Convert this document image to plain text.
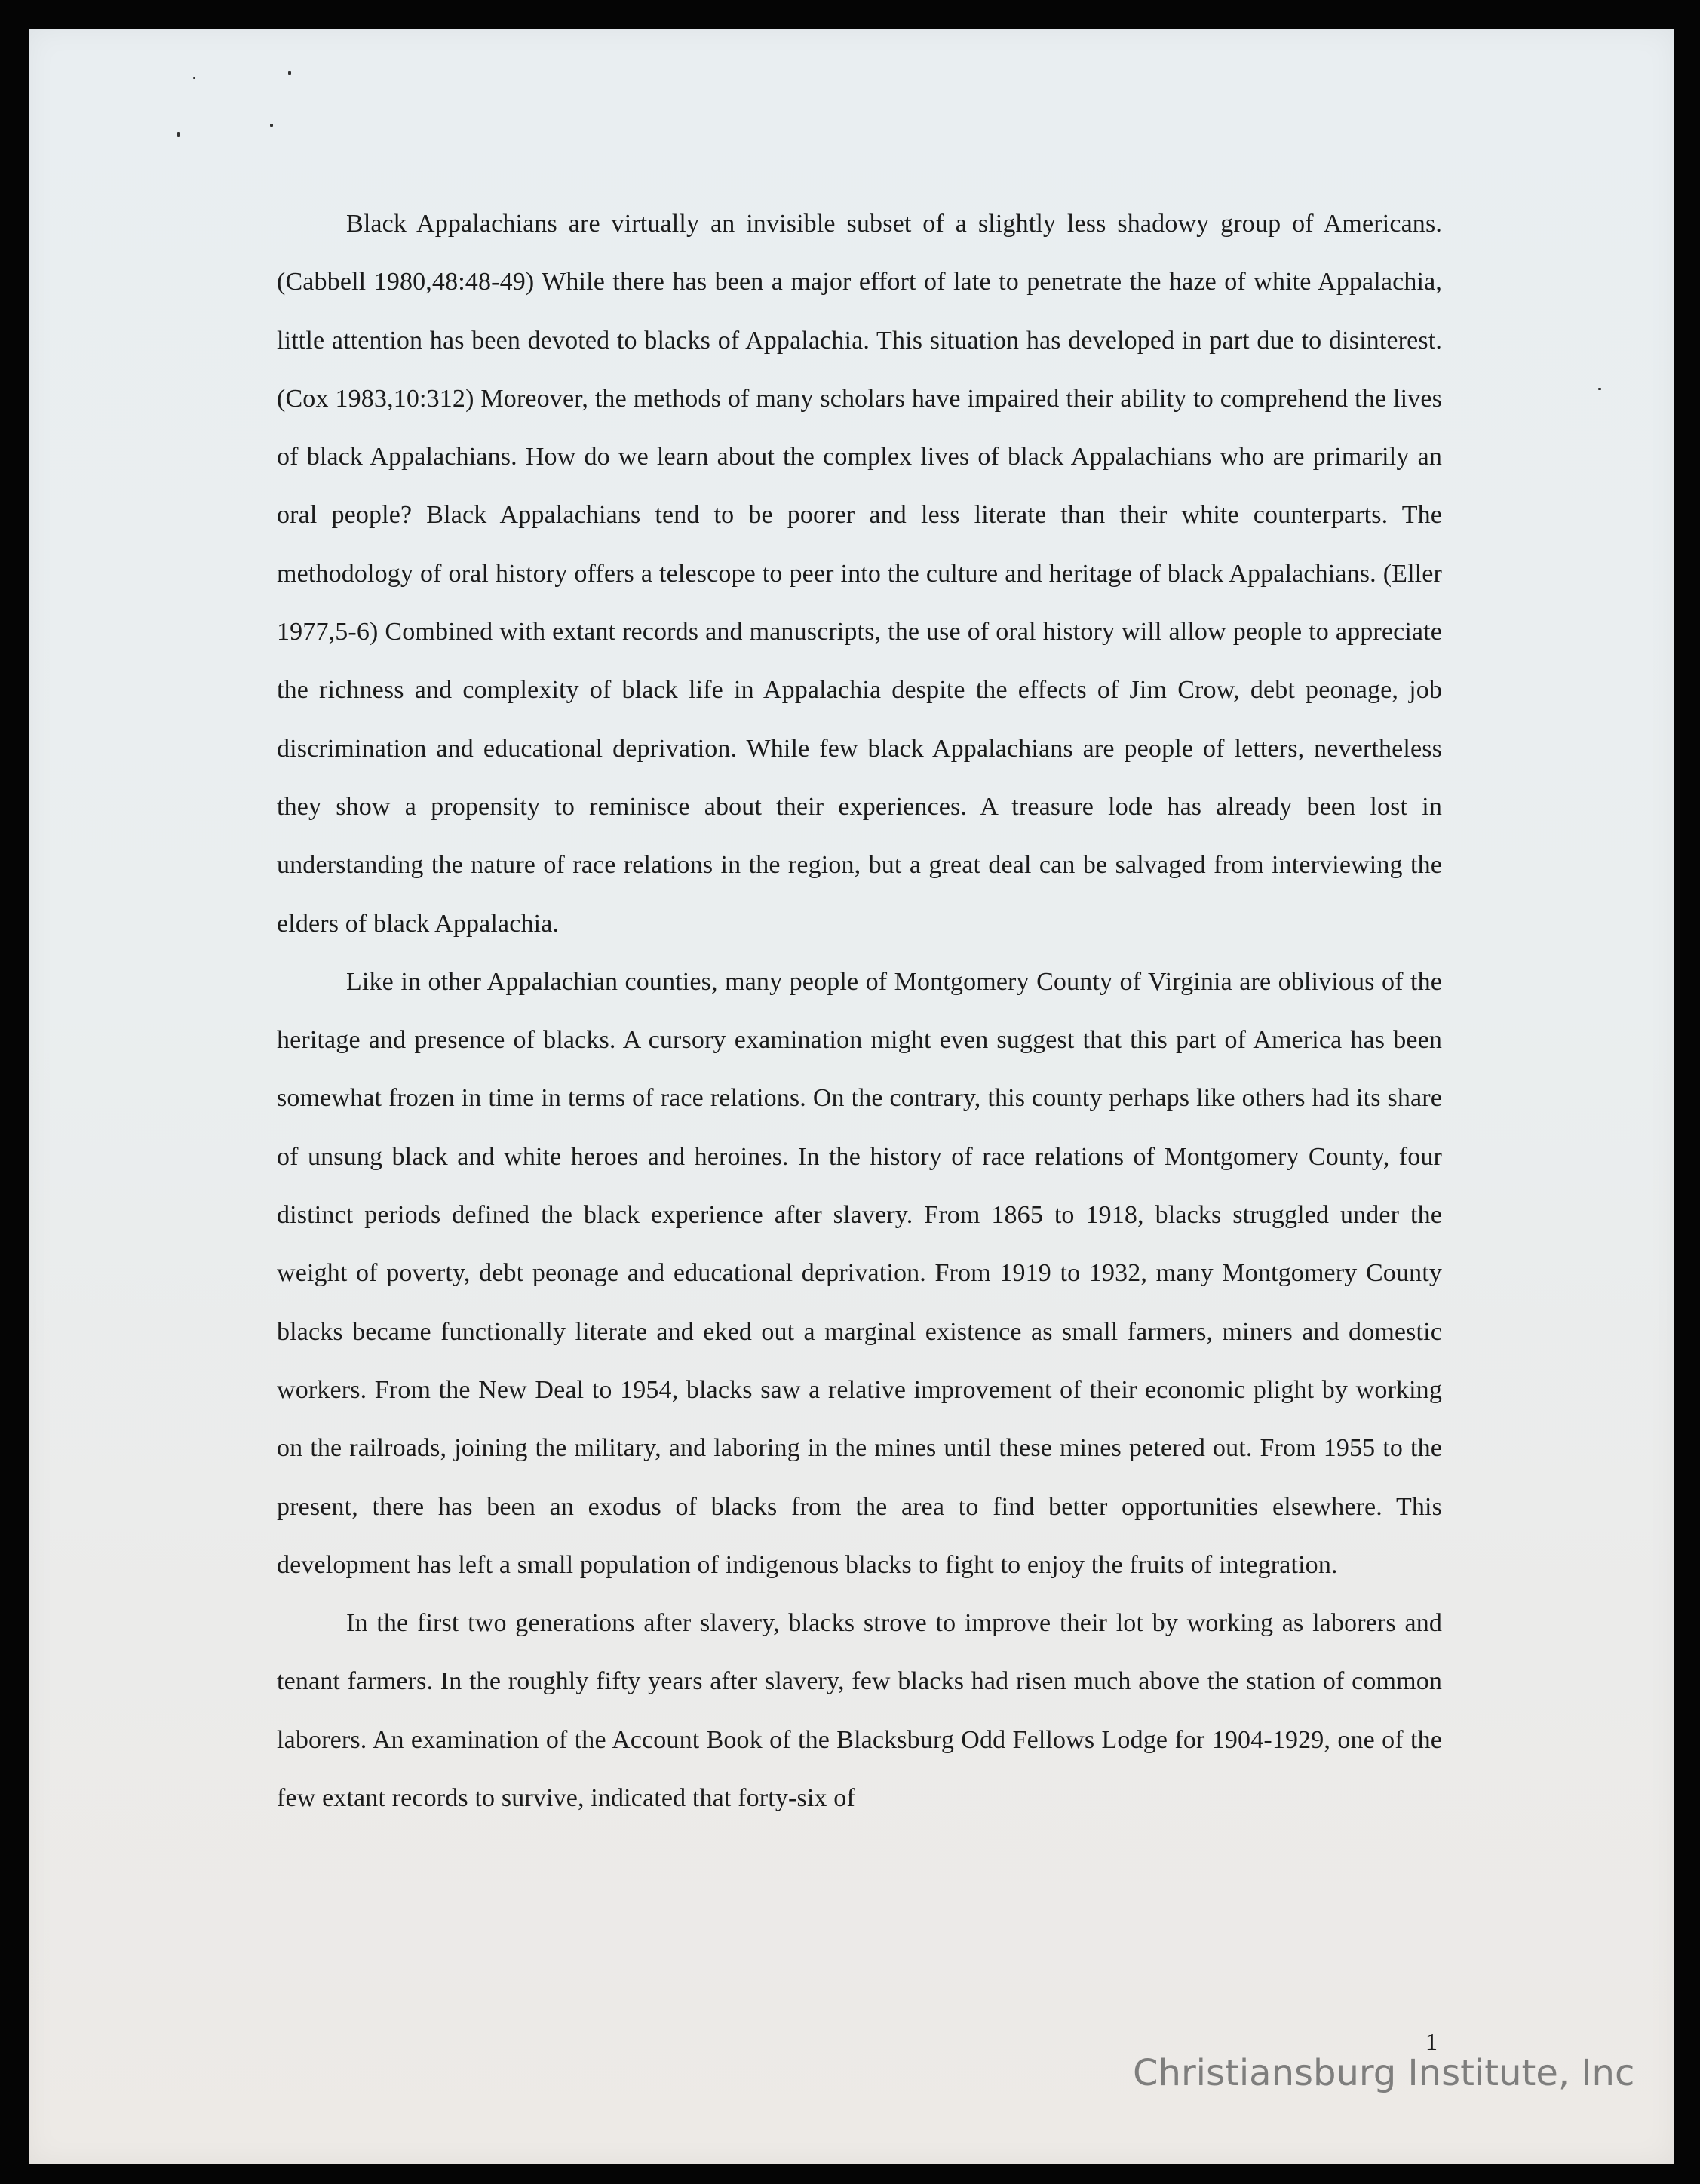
Black Appalachians are virtually an invisible subset of a slightly less shadowy group of Americans. (Cabbell 1980,48:48-49) While there has been a major effort of late to penetrate the haze of white Appalachia, little attention has been devoted to blacks of Appalachia. This situation has developed in part due to disinterest. (Cox 1983,10:312) Moreover, the methods of many scholars have impaired their ability to comprehend the lives of black Appalachians. How do we learn about the complex lives of black Appalachians who are primarily an oral people? Black Appalachians tend to be poorer and less literate than their white counterparts. The methodology of oral history offers a telescope to peer into the culture and heritage of black Appalachians. (Eller 1977,5-6) Combined with extant records and manuscripts, the use of oral history will allow people to appreciate the richness and complexity of black life in Appalachia despite the effects of Jim Crow, debt peonage, job discrimination and educational deprivation. While few black Appalachians are people of letters, nevertheless they show a propensity to reminisce about their experiences. A treasure lode has already been lost in understanding the nature of race relations in the region, but a great deal can be salvaged from interviewing the elders of black Appalachia.

Like in other Appalachian counties, many people of Montgomery County of Virginia are oblivious of the heritage and presence of blacks. A cursory examination might even suggest that this part of America has been somewhat frozen in time in terms of race relations. On the contrary, this county perhaps like others had its share of unsung black and white heroes and heroines. In the history of race relations of Montgomery County, four distinct periods defined the black experience after slavery. From 1865 to 1918, blacks struggled under the weight of poverty, debt peonage and educational deprivation. From 1919 to 1932, many Montgomery County blacks became functionally literate and eked out a marginal existence as small farmers, miners and domestic workers. From the New Deal to 1954, blacks saw a relative improvement of their economic plight by working on the railroads, joining the military, and laboring in the mines until these mines petered out. From 1955 to the present, there has been an exodus of blacks from the area to find better opportunities elsewhere. This development has left a small population of indigenous blacks to fight to enjoy the fruits of integration.

In the first two generations after slavery, blacks strove to improve their lot by working as laborers and tenant farmers. In the roughly fifty years after slavery, few blacks had risen much above the station of common laborers. An examination of the Account Book of the Blacksburg Odd Fellows Lodge for 1904-1929, one of the few extant records to survive, indicated that forty-six of

1
Christiansburg Institute, Inc
